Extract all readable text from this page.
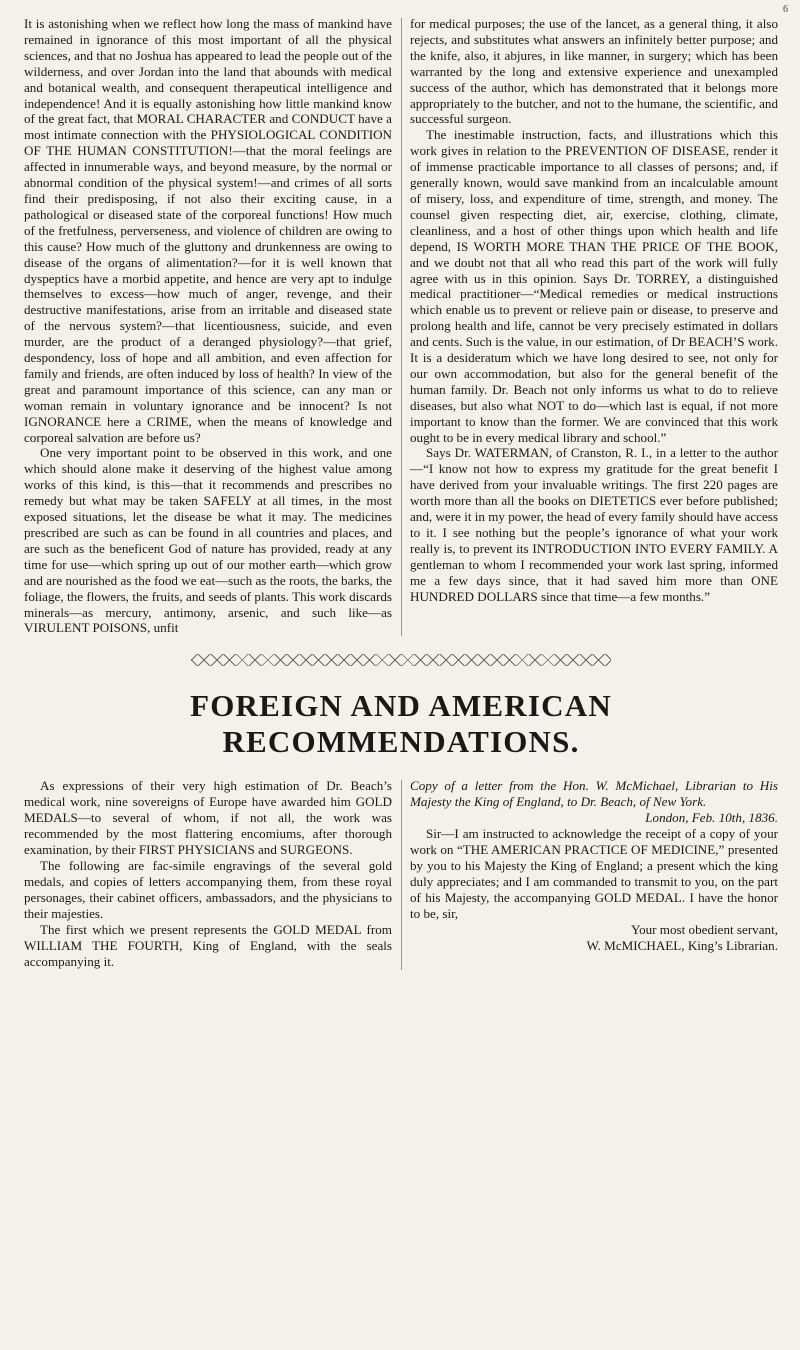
6

It is astonishing when we reflect how long the mass of mankind have remained in ignorance of this most important of all the physical sciences, and that no Joshua has appeared to lead the people out of the wilderness, and over Jordan into the land that abounds with medical and botanical wealth, and consequent therapeutical intelligence and independence! And it is equally astonishing how little mankind know of the great fact, that MORAL CHARACTER and CONDUCT have a most intimate connection with the PHYSIOLOGICAL CONDITION OF THE HUMAN CONSTITUTION!—that the moral feelings are affected in innumerable ways, and beyond measure, by the normal or abnormal condition of the physical system!—and crimes of all sorts find their predisposing, if not also their exciting cause, in a pathological or diseased state of the corporeal functions! How much of the fretfulness, perverseness, and violence of children are owing to this cause? How much of the gluttony and drunkenness are owing to disease of the organs of alimentation?—for it is well known that dyspeptics have a morbid appetite, and hence are very apt to indulge themselves to excess—how much of anger, revenge, and their destructive manifestations, arise from an irritable and diseased state of the nervous system?—that licentiousness, suicide, and even murder, are the product of a deranged physiology?—that grief, despondency, loss of hope and all ambition, and even affection for family and friends, are often induced by loss of health? In view of the great and paramount importance of this science, can any man or woman remain in voluntary ignorance and be innocent? Is not IGNORANCE here a CRIME, when the means of knowledge and corporeal salvation are before us?

One very important point to be observed in this work, and one which should alone make it deserving of the highest value among works of this kind, is this—that it recommends and prescribes no remedy but what may be taken SAFELY at all times, in the most exposed situations, let the disease be what it may. The medicines prescribed are such as can be found in all countries and places, and are such as the beneficent God of nature has provided, ready at any time for use—which spring up out of our mother earth—which grow and are nourished as the food we eat—such as the roots, the barks, the foliage, the flowers, the fruits, and seeds of plants. This work discards minerals—as mercury, antimony, arsenic, and such like—as VIRULENT POISONS, unfit

for medical purposes; the use of the lancet, as a general thing, it also rejects, and substitutes what answers an infinitely better purpose; and the knife, also, it abjures, in like manner, in surgery; which has been warranted by the long and extensive experience and unexampled success of the author, which has demonstrated that it belongs more appropriately to the butcher, and not to the humane, the scientific, and successful surgeon.

The inestimable instruction, facts, and illustrations which this work gives in relation to the PREVENTION OF DISEASE, render it of immense practicable importance to all classes of persons; and, if generally known, would save mankind from an incalculable amount of misery, loss, and expenditure of time, strength, and money. The counsel given respecting diet, air, exercise, clothing, climate, cleanliness, and a host of other things upon which health and life depend, IS WORTH MORE THAN THE PRICE OF THE BOOK, and we doubt not that all who read this part of the work will fully agree with us in this opinion. Says Dr. TORREY, a distinguished medical practitioner—“Medical remedies or medical instructions which enable us to prevent or relieve pain or disease, to preserve and prolong health and life, cannot be very precisely estimated in dollars and cents. Such is the value, in our estimation, of Dr BEACH’S work. It is a desideratum which we have long desired to see, not only for our own accommodation, but also for the general benefit of the human family. Dr. Beach not only informs us what to do to relieve diseases, but also what NOT to do—which last is equal, if not more important to know than the former. We are convinced that this work ought to be in every medical library and school.”

Says Dr. WATERMAN, of Cranston, R. I., in a letter to the author—“I know not how to express my gratitude for the great benefit I have derived from your invaluable writings. The first 220 pages are worth more than all the books on DIETETICS ever before published; and, were it in my power, the head of every family should have access to it. I see nothing but the people’s ignorance of what your work really is, to prevent its INTRODUCTION INTO EVERY FAMILY. A gentleman to whom I recommended your work last spring, informed me a few days since, that it had saved him more than ONE HUNDRED DOLLARS since that time—a few months.”

FOREIGN AND AMERICAN RECOMMENDATIONS.

As expressions of their very high estimation of Dr. Beach’s medical work, nine sovereigns of Europe have awarded him GOLD MEDALS—to several of whom, if not all, the work was recommended by the most flattering encomiums, after thorough examination, by their FIRST PHYSICIANS and SURGEONS.

The following are fac-simile engravings of the several gold medals, and copies of letters accompanying them, from these royal personages, their cabinet officers, ambassadors, and the physicians to their majesties.

The first which we present represents the GOLD MEDAL from WILLIAM THE FOURTH, King of England, with the seals accompanying it.

Copy of a letter from the Hon. W. McMichael, Librarian to His Majesty the King of England, to Dr. Beach, of New York.

London, Feb. 10th, 1836.

Sir—I am instructed to acknowledge the receipt of a copy of your work on “THE AMERICAN PRACTICE OF MEDICINE,” presented by you to his Majesty the King of England; a present which the king duly appreciates; and I am commanded to transmit to you, on the part of his Majesty, the accompanying GOLD MEDAL. I have the honor to be, sir,

Your most obedient servant,

W. McMICHAEL, King’s Librarian.
